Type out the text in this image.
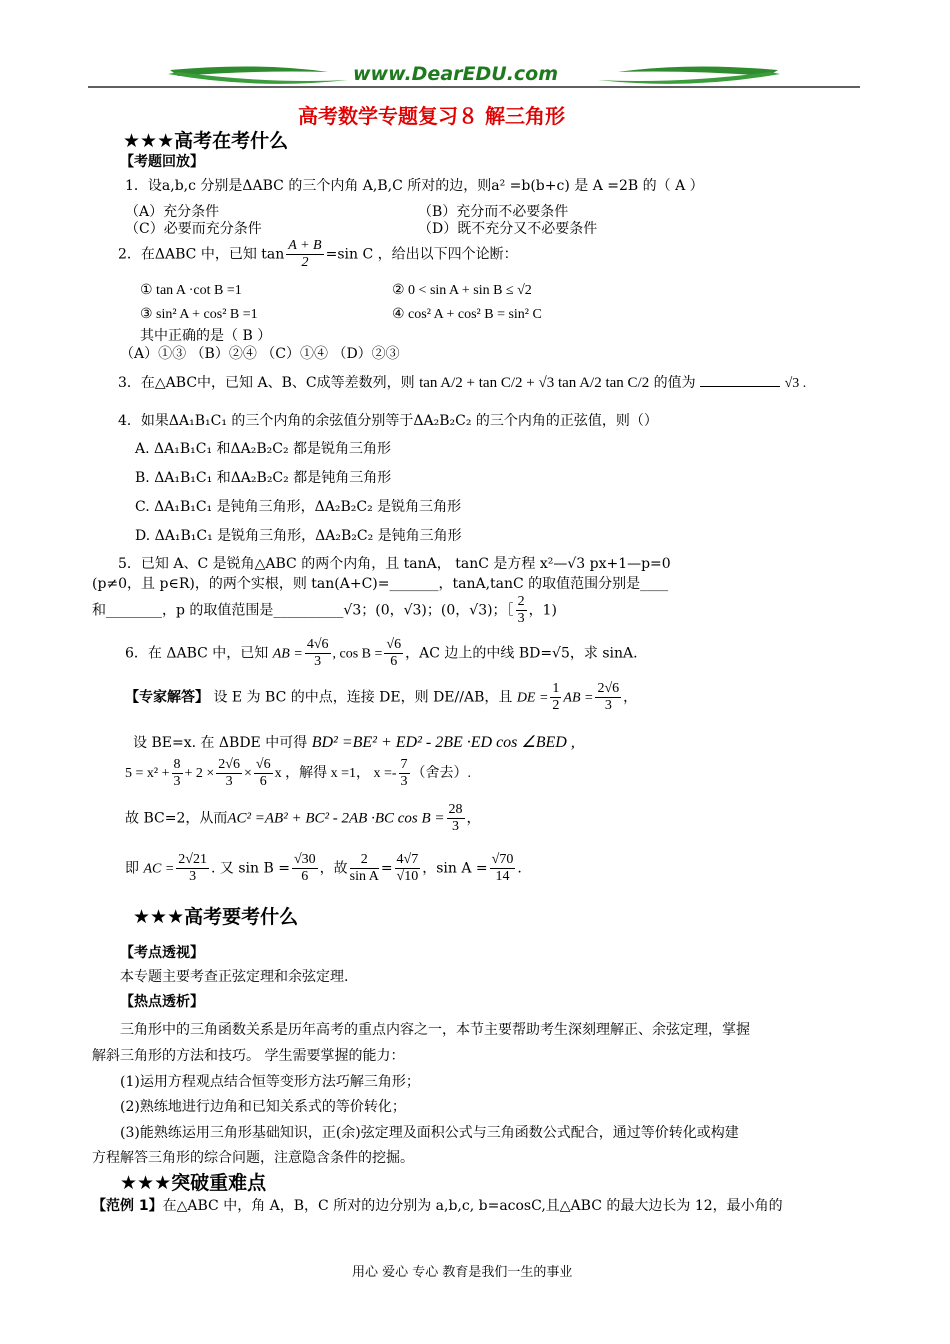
www.DearEDU.com
高考数学专题复习８ 解三角形
★★★高考在考什么
【考题回放】
1．设a,b,c 分别是ΔABC 的三个内角 A,B,C 所对的边，则a² =b(b+c) 是 A =2B 的（ A ）
（A）充分条件	（B）充分而不必要条件
（C）必要而充分条件	（D）既不充分又不必要条件
2．在ΔABC 中，已知 $\tan \frac{A + B}{2} =\sin$ C ，给出以下四个论断：
① tan A ·cot B =1	② 0 < sin A + sin B ≤ √2
③ sin² A + cos² B =1	④ cos² A + cos² B = sin² C
其中正确的是（ B ）
（A）①③ （B）②④ （C）①④ （D）②③
3．在△ABC中，已知 A、B、C成等差数列，则 tan A/2 + tan C/2 + √3 tan A/2 tan C/2 的值为	√3 .
4．如果ΔA₁B₁C₁ 的三个内角的余弦值分别等于ΔA₂B₂C₂ 的三个内角的正弦值，则（）
A. ΔA₁B₁C₁ 和ΔA₂B₂C₂ 都是锐角三角形
B. ΔA₁B₁C₁ 和ΔA₂B₂C₂ 都是钝角三角形
C. ΔA₁B₁C₁ 是钝角三角形，ΔA₂B₂C₂ 是锐角三角形
D. ΔA₁B₁C₁ 是锐角三角形，ΔA₂B₂C₂ 是钝角三角形
5．已知 A、C 是锐角△ABC 的两个内角，且 tanA， tanC 是方程 x²—√3 px+1—p=0
(p≠0，且 p∈R)，的两个实根，则 tan(A+C)=_______，tanA,tanC 的取值范围分别是____
和________，p 的取值范围是__________√3；(0，√3)；(0，√3)；［ $\frac{2}{3}$ ，1)
6．在 ΔABC 中，已知 AB = $\frac{4√6}{3}$ , $\cos B = \frac{√6}{6}$ ，AC 边上的中线 BD=√5，求 sinA.
【专家解答】 设 E 为 BC 的中点，连接 DE，则 DE//AB，且 DE = $\frac{1}{2}$ AB = $\frac{2√6}{3}$ ，
设 BE=x. 在 ΔBDE 中可得 BD² =BE² + ED² - 2BE ·ED cos ∠BED ,
$5 = x^2 + \frac{8}{3} + 2 \times \frac{2√6}{3} \times \frac{√6}{6}$ x ，解得 x =1， $x =- \frac{7}{3}$ （舍去）.
故 BC=2，从而AC² =AB² + BC² - 2AB ·BC $\cos B = \frac{28}{3}$ ，
即 AC = $\frac{2√21}{3}$ . 又 $\sin B = \frac{√30}{6}$ ，故 $\frac{2}{\text{sin A}} = \frac{4√7}{√10}$ ，$\sin A = \frac{√70}{14}$ .
★★★高考要考什么
【考点透视】
本专题主要考查正弦定理和余弦定理.
【热点透析】
三角形中的三角函数关系是历年高考的重点内容之一，本节主要帮助考生深刻理解正、余弦定理，掌握
解斜三角形的方法和技巧。 学生需要掌握的能力：
(1)运用方程观点结合恒等变形方法巧解三角形；
(2)熟练地进行边角和已知关系式的等价转化；
(3)能熟练运用三角形基础知识，正(余)弦定理及面积公式与三角函数公式配合，通过等价转化或构建
方程解答三角形的综合问题，注意隐含条件的挖掘。
★★★突破重难点
【范例 1】在△ABC 中，角 A，B，C 所对的边分别为 a,b,c, b=acosC,且△ABC 的最大边长为 12，最小角的
用心 爱心 专心 教育是我们一生的事业
